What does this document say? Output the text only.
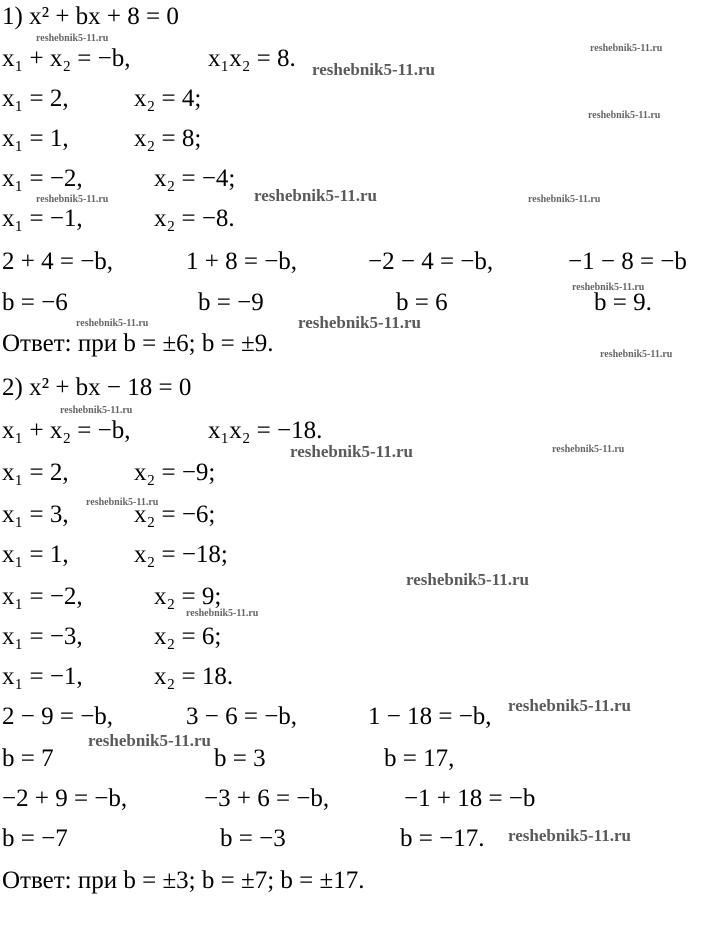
1) x² + bx + 8 = 0
x₁ + x₂ = −b,	x₁x₂ = 8.
x₁ = 2,	x₂ = 4;
x₁ = 1,	x₂ = 8;
x₁ = −2,	x₂ = −4;
x₁ = −1,	x₂ = −8.
2 + 4 = −b,	1 + 8 = −b,	−2 − 4 = −b,	−1 − 8 = −b
b = −6	b = −9	b = 6	b = 9.
Ответ: при b = ±6; b = ±9.
2) x² + bx − 18 = 0
x₁ + x₂ = −b,	x₁x₂ = −18.
x₁ = 2,	x₂ = −9;
x₁ = 3,	x₂ = −6;
x₁ = 1,	x₂ = −18;
x₁ = −2,	x₂ = 9;
x₁ = −3,	x₂ = 6;
x₁ = −1,	x₂ = 18.
2 − 9 = −b,	3 − 6 = −b,	1 − 18 = −b,
b = 7	b = 3	b = 17,
−2 + 9 = −b,	−3 + 6 = −b,	−1 + 18 = −b
b = −7	b = −3	b = −17.
Ответ: при b = ±3; b = ±7; b = ±17.
reshebnik5-11.ru
reshebnik5-11.ru
reshebnik5-11.ru
reshebnik5-11.ru
reshebnik5-11.ru	reshebnik5-11.ru
reshebnik5-11.ru
reshebnik5-11.ru
reshebnik5-11.ru	reshebnik5-11.ru
reshebnik5-11.ru
reshebnik5-11.ru
reshebnik5-11.ru	reshebnik5-11.ru
reshebnik5-11.ru
reshebnik5-11.ru
reshebnik5-11.ru
reshebnik5-11.ru
reshebnik5-11.ru
reshebnik5-11.ru
